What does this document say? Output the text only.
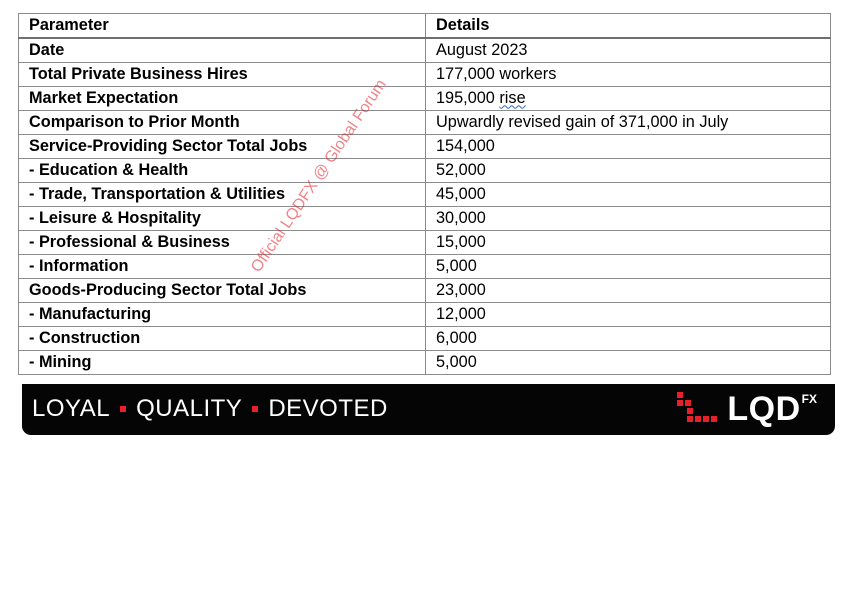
Parameter	Details
Date	August 2023
Total Private Business Hires	177,000 workers
Market Expectation	195,000 rise
Comparison to Prior Month	Upwardly revised gain of 371,000 in July
Service-Providing Sector Total Jobs	154,000
- Education & Health	52,000
- Trade, Transportation & Utilities	45,000
- Leisure & Hospitality	30,000
- Professional & Business	15,000
- Information	5,000
Goods-Producing Sector Total Jobs	23,000
- Manufacturing	12,000
- Construction	6,000
- Mining	5,000
Official LQDFX @ Global Forum
LOYAL QUALITY DEVOTED	LQD FX
